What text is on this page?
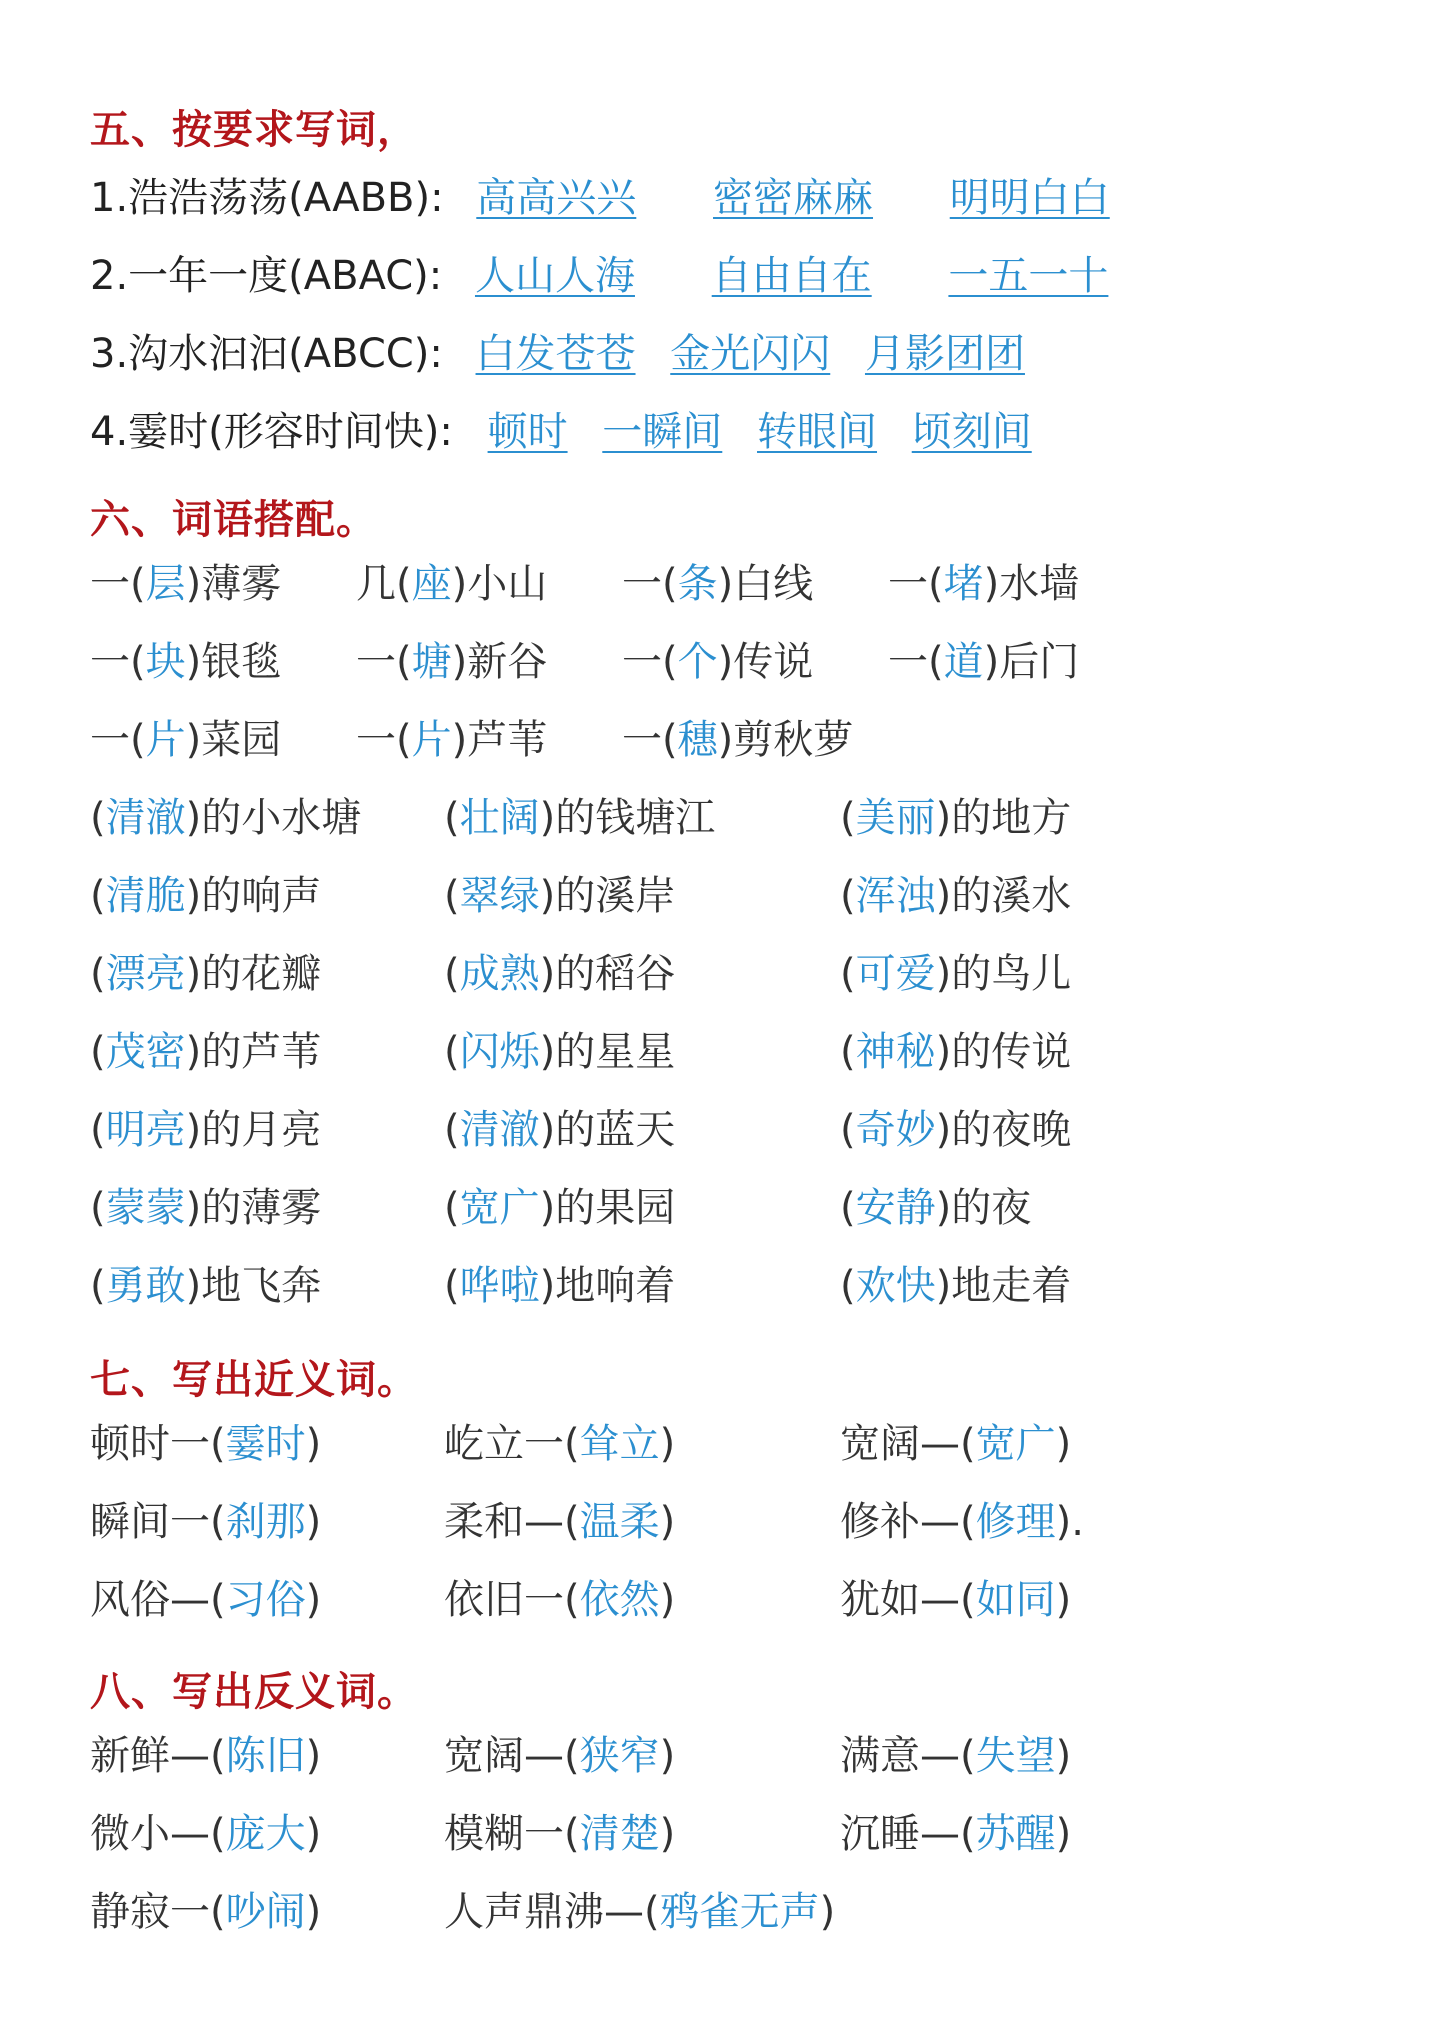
五、按要求写词，
1.浩浩荡荡(AABB): 高高兴兴 密密麻麻 明明白白
2.一年一度(ABAC): 人山人海 自由自在 一五一十
3.沟水汩汩(ABCC): 白发苍苍 金光闪闪 月影团团
4.霎时(形容时间快): 顿时 一瞬间 转眼间 顷刻间
六、词语搭配。
一(层)薄雾 几(座)小山 一(条)白线 一(堵)水墙
一(块)银毯 一(塘)新谷 一(个)传说 一(道)后门
一(片)菜园 一(片)芦苇 一(穗)剪秋萝
(清澈)的小水塘 (壮阔)的钱塘江	(美丽)的地方
(清脆)的响声	(翠绿)的溪岸	(浑浊)的溪水
(漂亮)的花瓣	(成熟)的稻谷	(可爱)的鸟儿
(茂密)的芦苇	(闪烁)的星星	(神秘)的传说
(明亮)的月亮	(清澈)的蓝天	(奇妙)的夜晚
(蒙蒙)的薄雾	(宽广)的果园	(安静)的夜
(勇敢)地飞奔	(哗啦)地响着	(欢快)地走着
七、写出近义词。
顿时一(霎时)	屹立一(耸立)	宽阔—(宽广)
瞬间一(刹那)	柔和—(温柔)	修补—(修理).
风俗—(习俗)	依旧一(依然)	犹如—(如同)
八、写出反义词。
新鲜—(陈旧)	宽阔—(狭窄)	满意—(失望)
微小—(庞大)	模糊一(清楚)	沉睡—(苏醒)
静寂一(吵闹)	人声鼎沸—(鸦雀无声)
